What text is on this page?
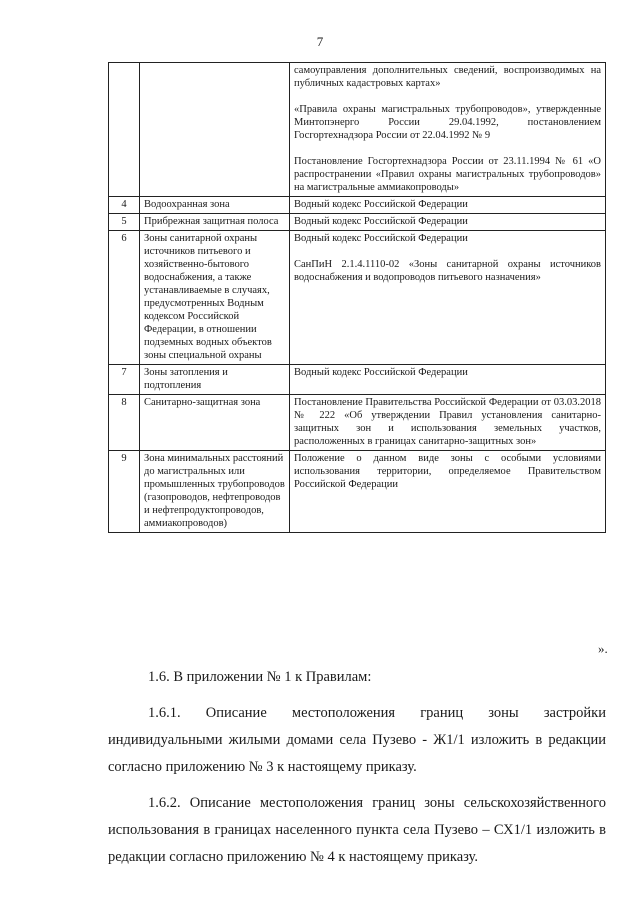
7

		самоуправления дополнительных сведений, воспроизводимых на публичных кадастровых картах»

«Правила охраны магистральных трубопроводов», утвержденные Минтопэнерго России 29.04.1992, постановлением Госгортехнадзора России от 22.04.1992 № 9

Постановление Госгортехнадзора России от 23.11.1994 № 61 «О распространении «Правил охраны магистральных трубопроводов» на магистральные аммиакопроводы»

4	Водоохранная зона	Водный кодекс Российской Федерации

5	Прибрежная защитная полоса	Водный кодекс Российской Федерации

6	Зоны санитарной охраны источников питьевого и хозяйственно-бытового водоснабжения, а также устанавливаемые в случаях, предусмотренных Водным кодексом Российской Федерации, в отношении подземных водных объектов зоны специальной охраны	Водный кодекс Российской Федерации

СанПиН 2.1.4.1110-02 «Зоны санитарной охраны источников водоснабжения и водопроводов питьевого назначения»

7	Зоны затопления и подтопления	Водный кодекс Российской Федерации

8	Санитарно-защитная зона	Постановление Правительства Российской Федерации от 03.03.2018 № 222 «Об утверждении Правил установления санитарно-защитных зон и использования земельных участков, расположенных в границах санитарно-защитных зон»

9	Зона минимальных расстояний до магистральных или промышленных трубопроводов (газопроводов, нефтепроводов и нефтепродуктопроводов, аммиакопроводов)	Положение о данном виде зоны с особыми условиями использования территории, определяемое Правительством Российской Федерации

».

1.6. В приложении № 1 к Правилам:

1.6.1. Описание местоположения границ зоны застройки индивидуальными жилыми домами села Пузево - Ж1/1 изложить в редакции согласно приложению № 3 к настоящему приказу.

1.6.2. Описание местоположения границ зоны сельскохозяйственного использования в границах населенного пункта села Пузево – СХ1/1 изложить в редакции согласно приложению № 4 к настоящему приказу.
